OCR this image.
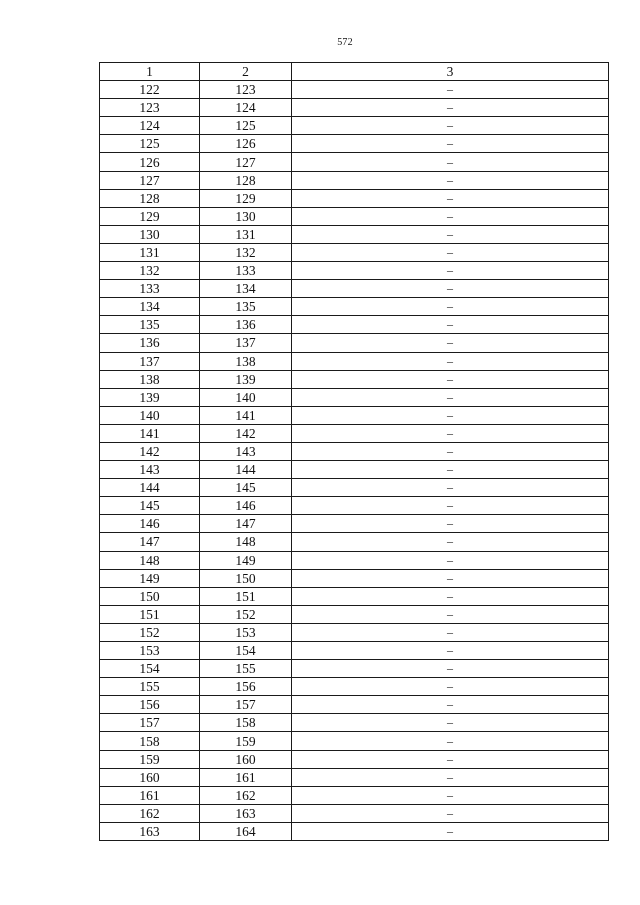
572
1	2	3
122	123	–
123	124	–
124	125	–
125	126	–
126	127	–
127	128	–
128	129	–
129	130	–
130	131	–
131	132	–
132	133	–
133	134	–
134	135	–
135	136	–
136	137	–
137	138	–
138	139	–
139	140	–
140	141	–
141	142	–
142	143	–
143	144	–
144	145	–
145	146	–
146	147	–
147	148	–
148	149	–
149	150	–
150	151	–
151	152	–
152	153	–
153	154	–
154	155	–
155	156	–
156	157	–
157	158	–
158	159	–
159	160	–
160	161	–
161	162	–
162	163	–
163	164	–
